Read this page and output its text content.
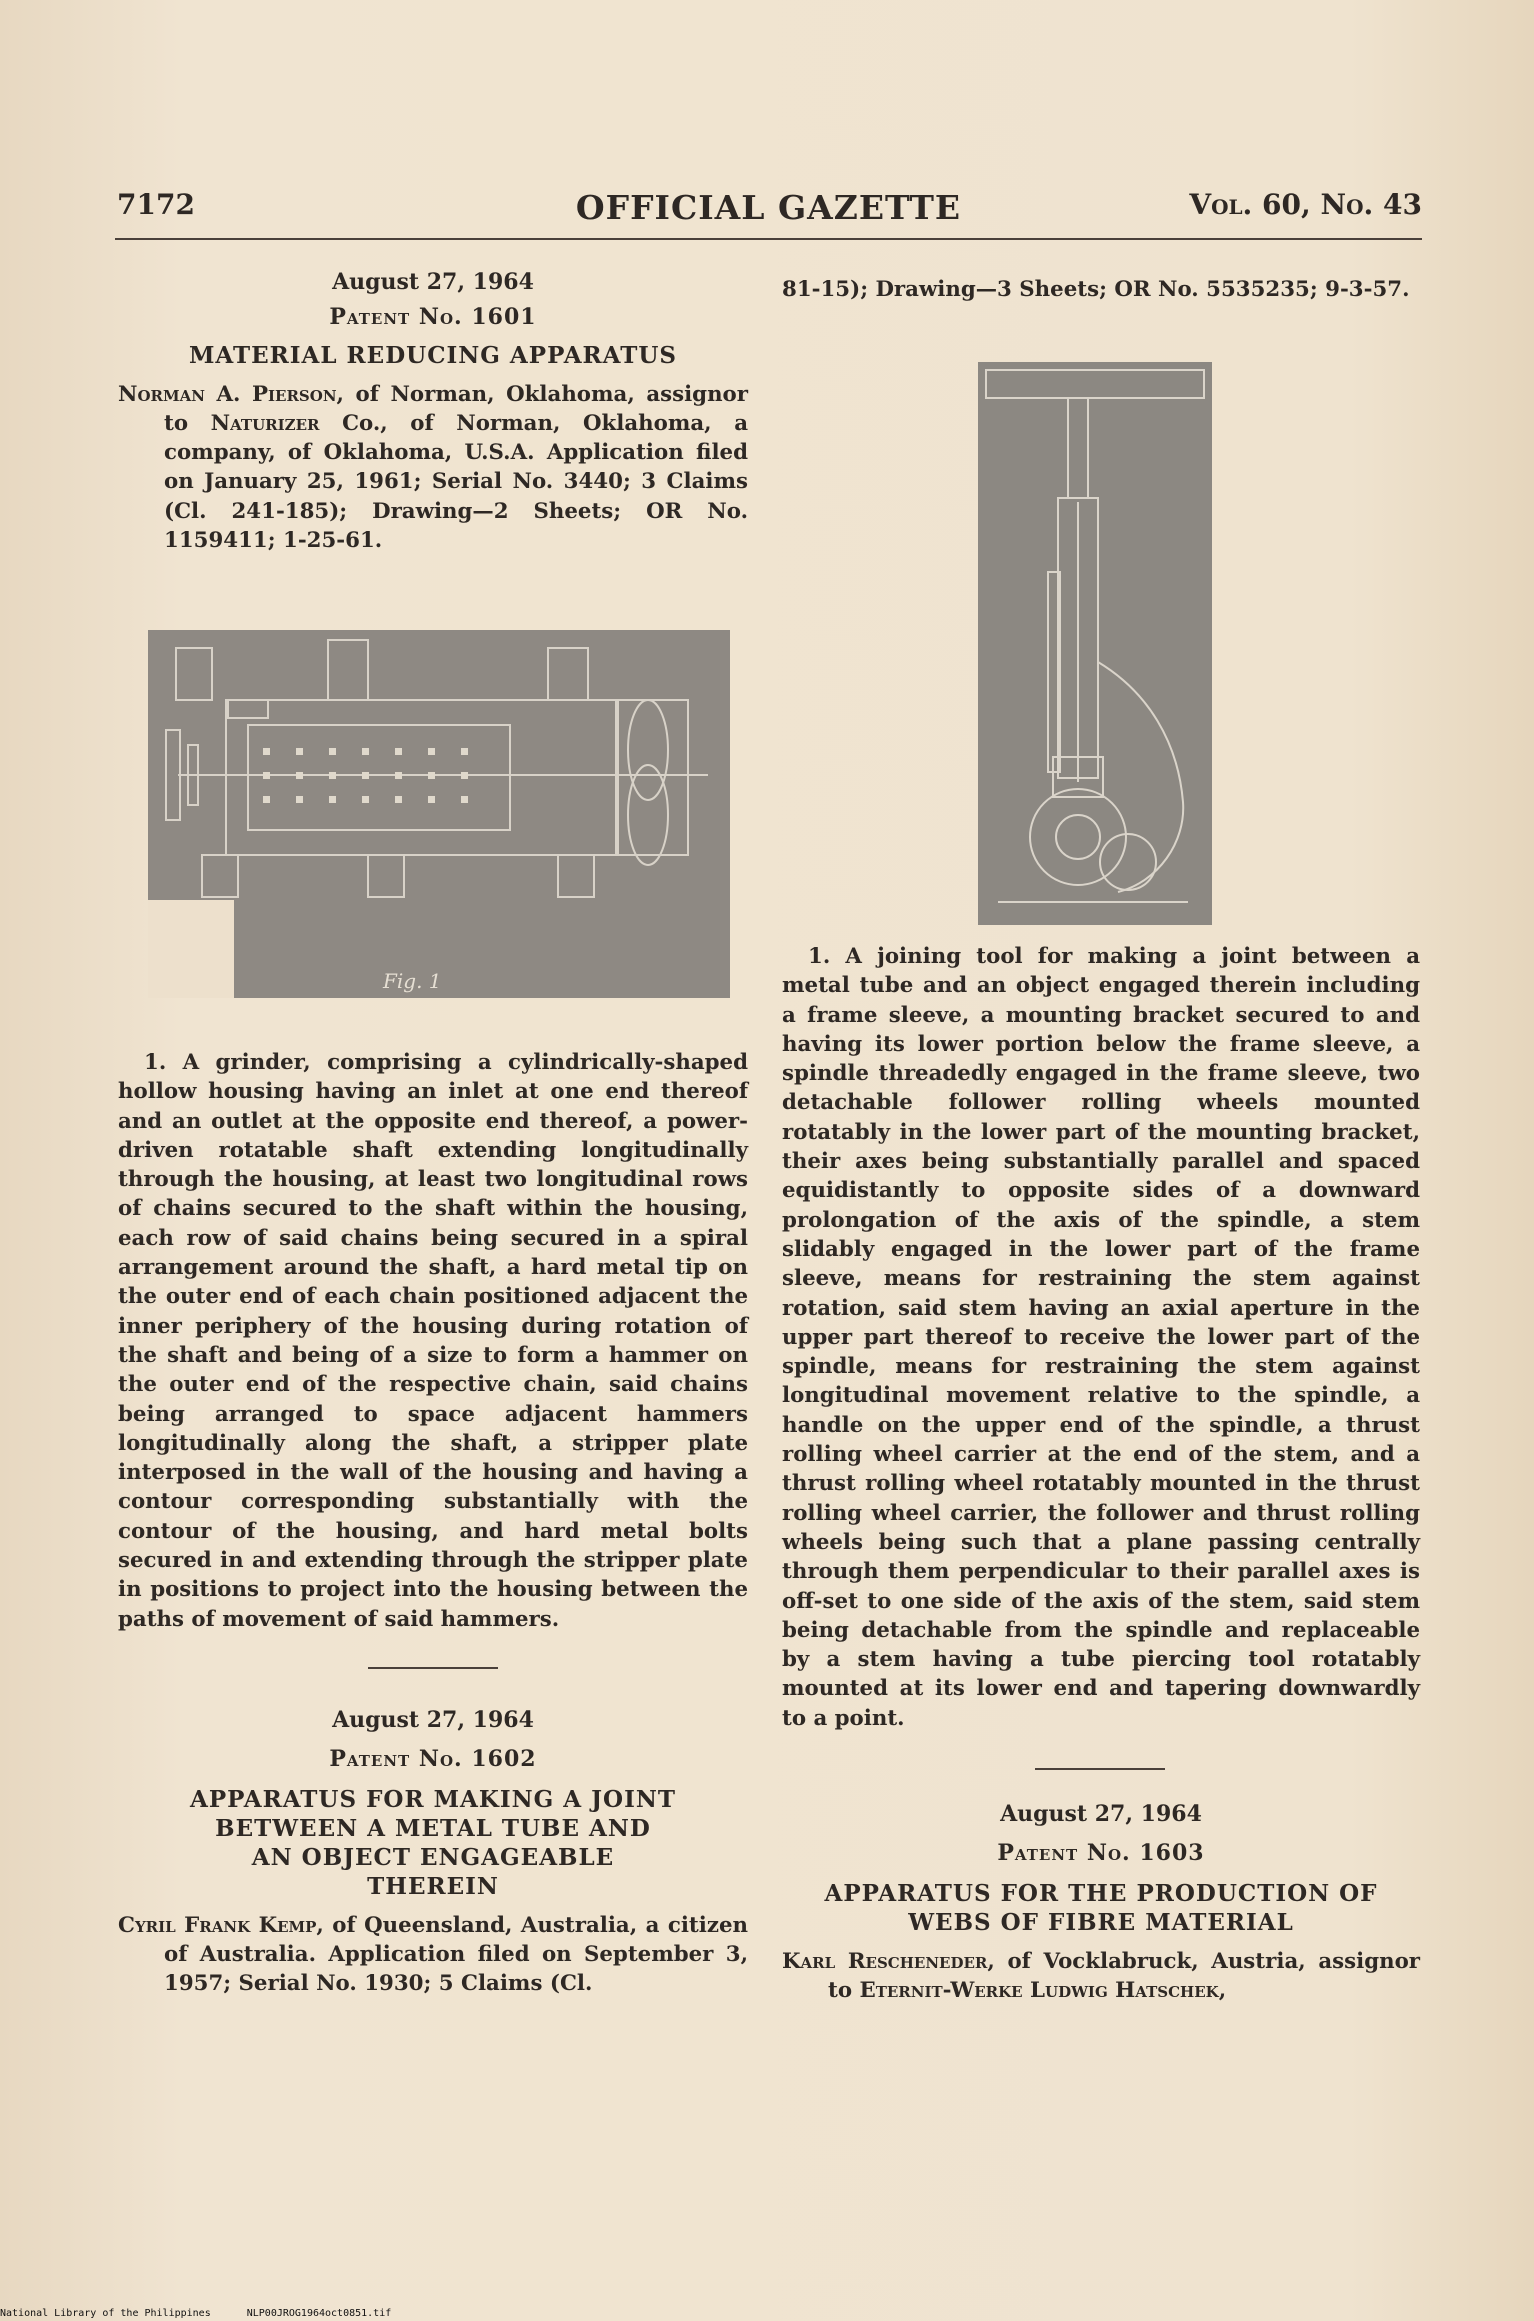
7172	OFFICIAL GAZETTE	Vol. 60, No. 43
August 27, 1964
Patent No. 1601
MATERIAL REDUCING APPARATUS
Norman A. Pierson, of Norman, Oklahoma, assignor to Naturizer Co., of Norman, Oklahoma, a company, of Oklahoma, U.S.A. Application filed on January 25, 1961; Serial No. 3440; 3 Claims (Cl. 241-185); Drawing—2 Sheets; OR No. 1159411; 1-25-61.
Fig. 1
1. A grinder, comprising a cylindrically-shaped hollow housing having an inlet at one end thereof and an outlet at the opposite end thereof, a power-driven rotatable shaft extending longitudinally through the housing, at least two longitudinal rows of chains secured to the shaft within the housing, each row of said chains being secured in a spiral arrangement around the shaft, a hard metal tip on the outer end of each chain positioned adjacent the inner periphery of the housing during rotation of the shaft and being of a size to form a hammer on the outer end of the respective chain, said chains being arranged to space adjacent hammers longitudinally along the shaft, a stripper plate interposed in the wall of the housing and having a contour corresponding substantially with the contour of the housing, and hard metal bolts secured in and extending through the stripper plate in positions to project into the housing between the paths of movement of said hammers.
August 27, 1964
Patent No. 1602
APPARATUS FOR MAKING A JOINT
BETWEEN A METAL TUBE AND
AN OBJECT ENGAGEABLE
THEREIN
Cyril Frank Kemp, of Queensland, Australia, a citizen of Australia. Application filed on September 3, 1957; Serial No. 1930; 5 Claims (Cl.
81-15); Drawing—3 Sheets; OR No. 5535235; 9-3-57.
1. A joining tool for making a joint between a metal tube and an object engaged therein including a frame sleeve, a mounting bracket secured to and having its lower portion below the frame sleeve, a spindle threadedly engaged in the frame sleeve, two detachable follower rolling wheels mounted rotatably in the lower part of the mounting bracket, their axes being substantially parallel and spaced equidistantly to opposite sides of a downward prolongation of the axis of the spindle, a stem slidably engaged in the lower part of the frame sleeve, means for restraining the stem against rotation, said stem having an axial aperture in the upper part thereof to receive the lower part of the spindle, means for restraining the stem against longitudinal movement relative to the spindle, a handle on the upper end of the spindle, a thrust rolling wheel carrier at the end of the stem, and a thrust rolling wheel rotatably mounted in the thrust rolling wheel carrier, the follower and thrust rolling wheels being such that a plane passing centrally through them perpendicular to their parallel axes is off-set to one side of the axis of the stem, said stem being detachable from the spindle and replaceable by a stem having a tube piercing tool rotatably mounted at its lower end and tapering downwardly to a point.
August 27, 1964
Patent No. 1603
APPARATUS FOR THE PRODUCTION OF
WEBS OF FIBRE MATERIAL
Karl Rescheneder, of Vocklabruck, Austria, assignor to Eternit-Werke Ludwig Hatschek,
National Library of the Philippines	NLP00JROG1964oct0851.tif
